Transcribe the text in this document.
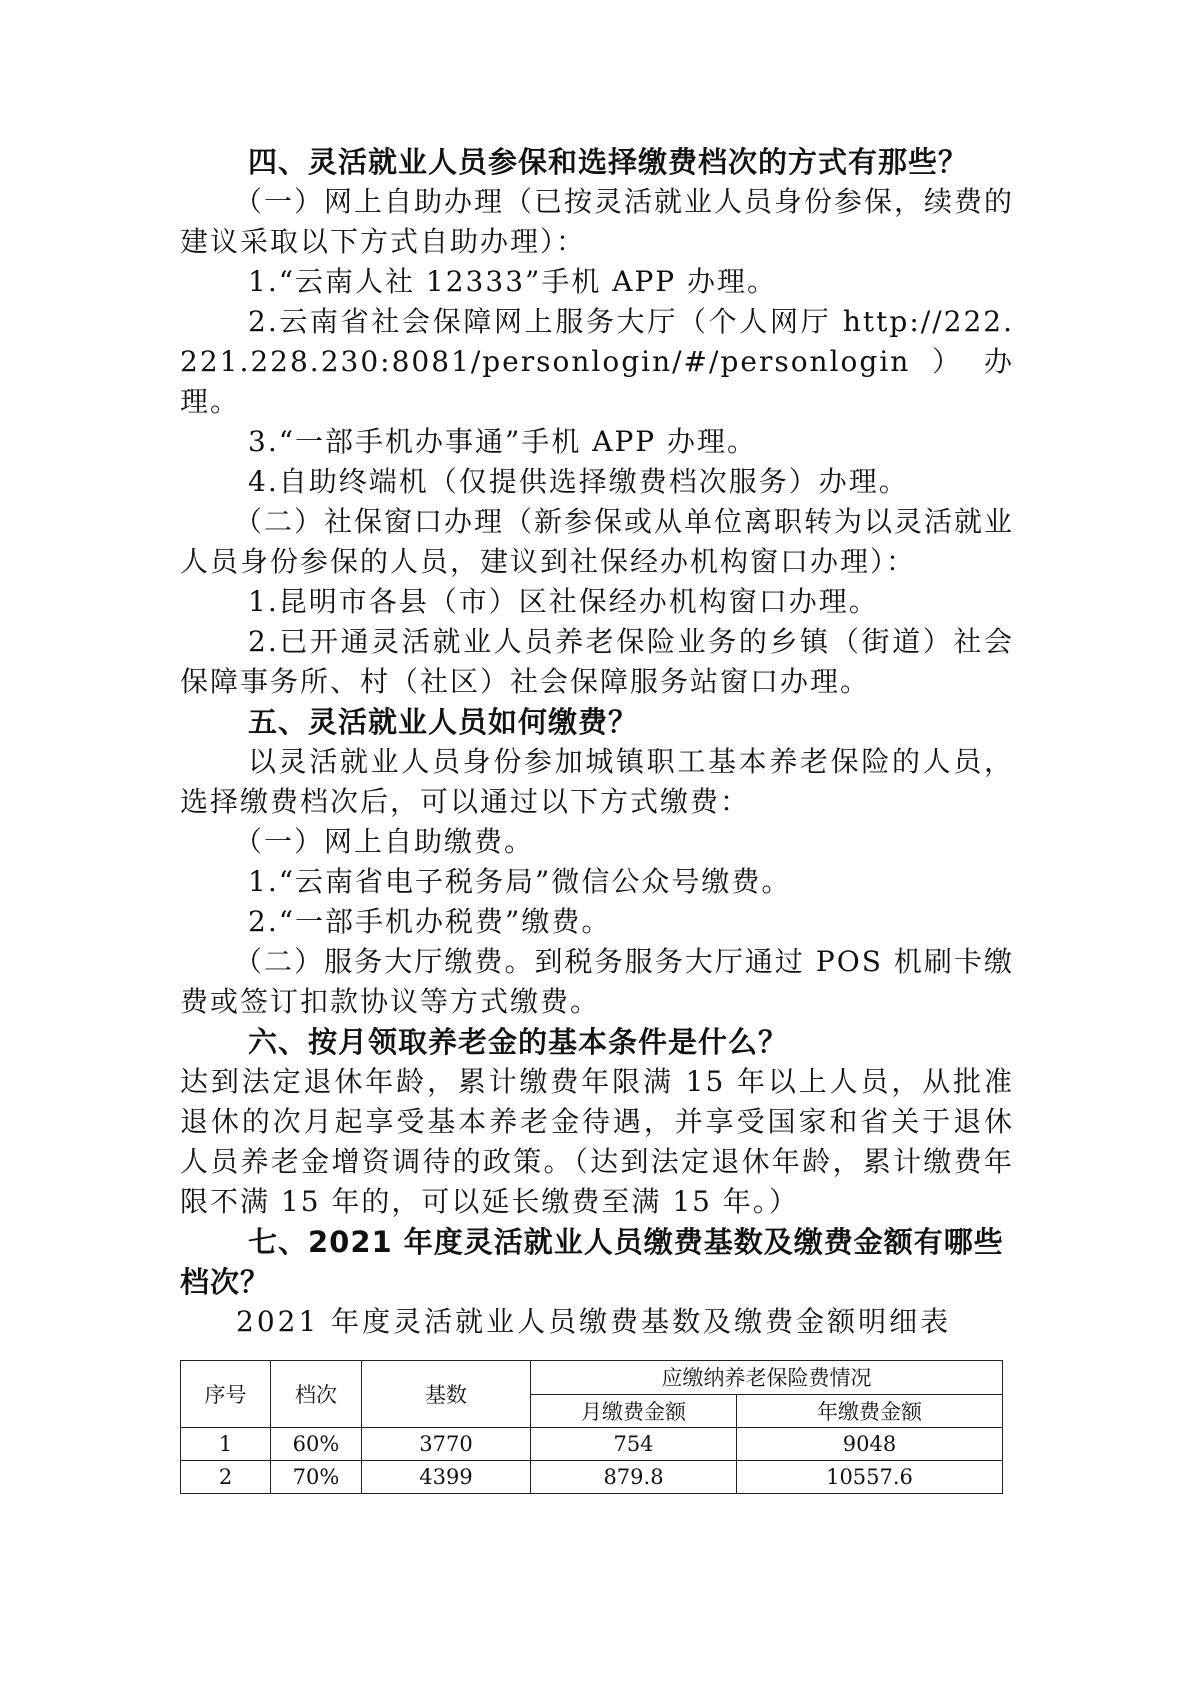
四、灵活就业人员参保和选择缴费档次的方式有那些？

（一）网上自助办理（已按灵活就业人员身份参保，续费的建议采取以下方式自助办理）：

1.“云南人社 12333”手机 APP 办理。

2.云南省社会保障网上服务大厅（个人网厅 http://222.221.228.230:8081/personlogin/#/personlogin）办理。

3.“一部手机办事通”手机 APP 办理。

4.自助终端机（仅提供选择缴费档次服务）办理。

（二）社保窗口办理（新参保或从单位离职转为以灵活就业人员身份参保的人员，建议到社保经办机构窗口办理）：

1.昆明市各县（市）区社保经办机构窗口办理。

2.已开通灵活就业人员养老保险业务的乡镇（街道）社会保障事务所、村（社区）社会保障服务站窗口办理。

五、灵活就业人员如何缴费？

以灵活就业人员身份参加城镇职工基本养老保险的人员，选择缴费档次后，可以通过以下方式缴费：

（一）网上自助缴费。

1.“云南省电子税务局”微信公众号缴费。

2.“一部手机办税费”缴费。

（二）服务大厅缴费。到税务服务大厅通过 POS 机刷卡缴费或签订扣款协议等方式缴费。

六、按月领取养老金的基本条件是什么？

达到法定退休年龄，累计缴费年限满 15 年以上人员，从批准退休的次月起享受基本养老金待遇，并享受国家和省关于退休人员养老金增资调待的政策。（达到法定退休年龄，累计缴费年限不满 15 年的，可以延长缴费至满 15 年。）

七、2021 年度灵活就业人员缴费基数及缴费金额有哪些档次？

2021 年度灵活就业人员缴费基数及缴费金额明细表

序号	档次	基数	应缴纳养老保险费情况	
			月缴费金额	年缴费金额
1	60%	3770	754	9048
2	70%	4399	879.8	10557.6
